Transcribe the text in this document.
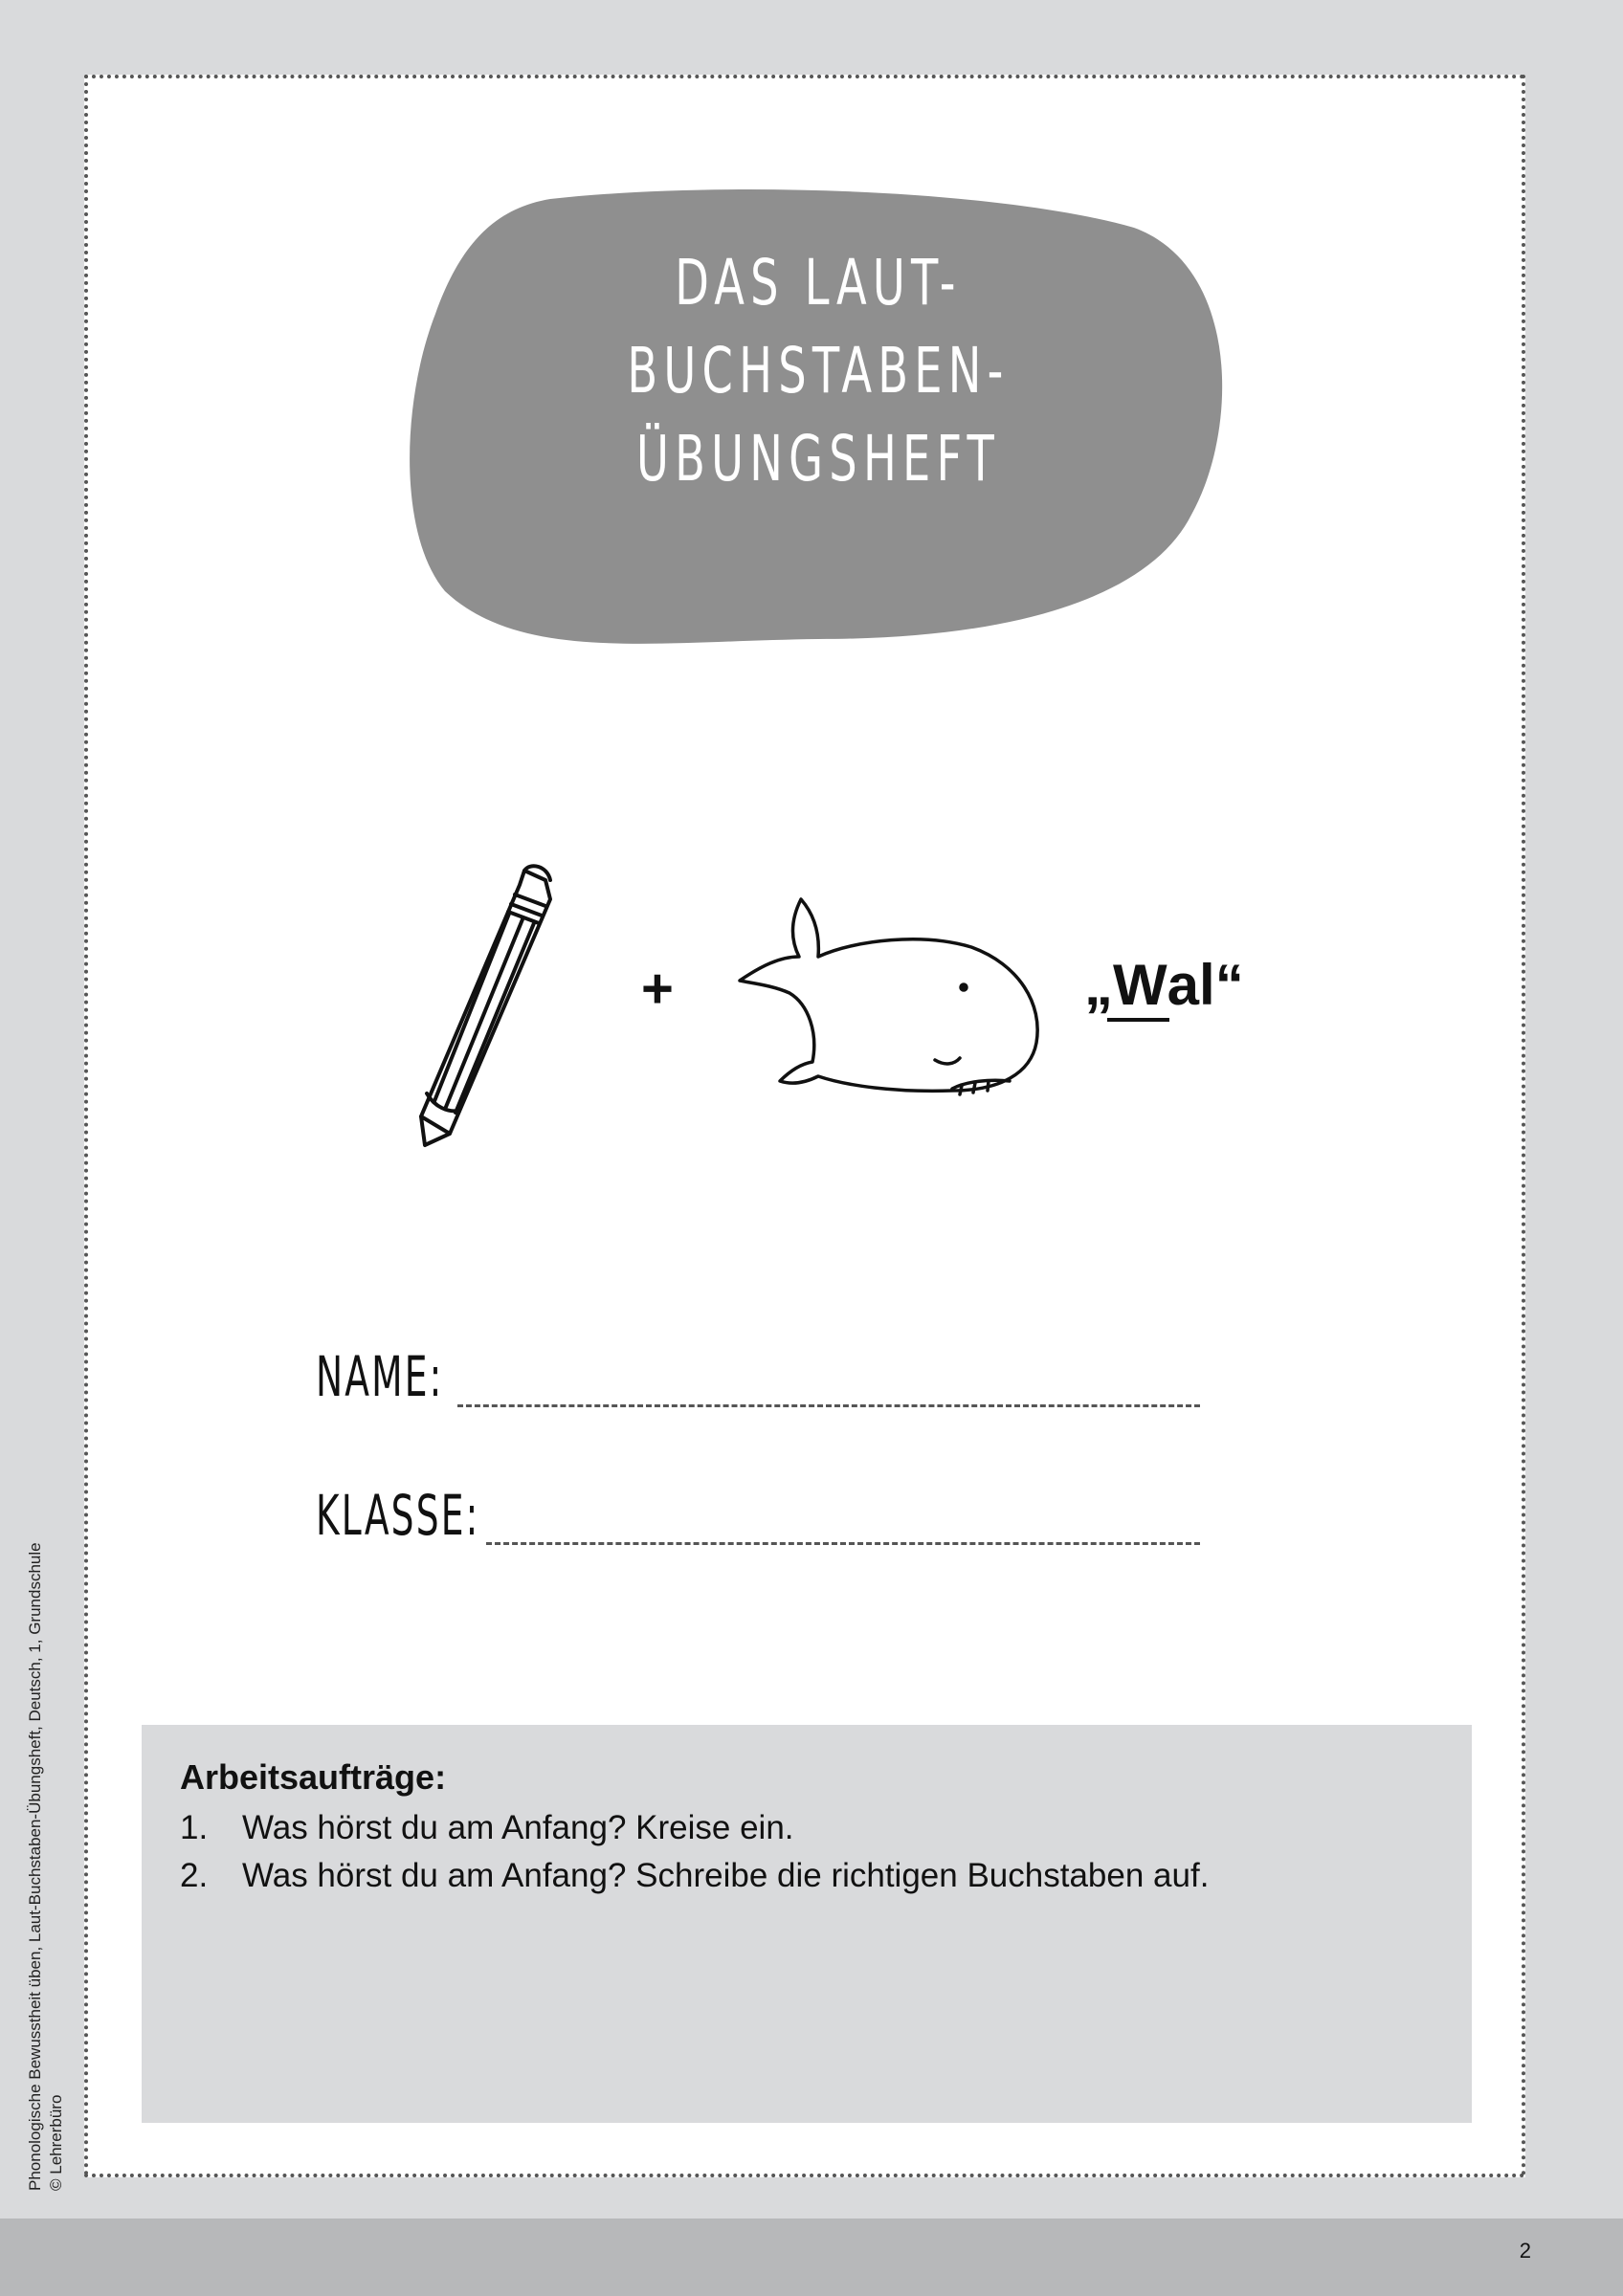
DAS LAUT-
BUCHSTABEN-
ÜBUNGSHEFT
+	„Wal“
NAME:
KLASSE:
Arbeitsaufträge:
1. Was hörst du am Anfang? Kreise ein.
2. Was hörst du am Anfang? Schreibe die richtigen Buchstaben auf.
Phonologische Bewusstheit üben, Laut-Buchstaben-Übungsheft, Deutsch, 1, Grundschule © Lehrerbüro
2
